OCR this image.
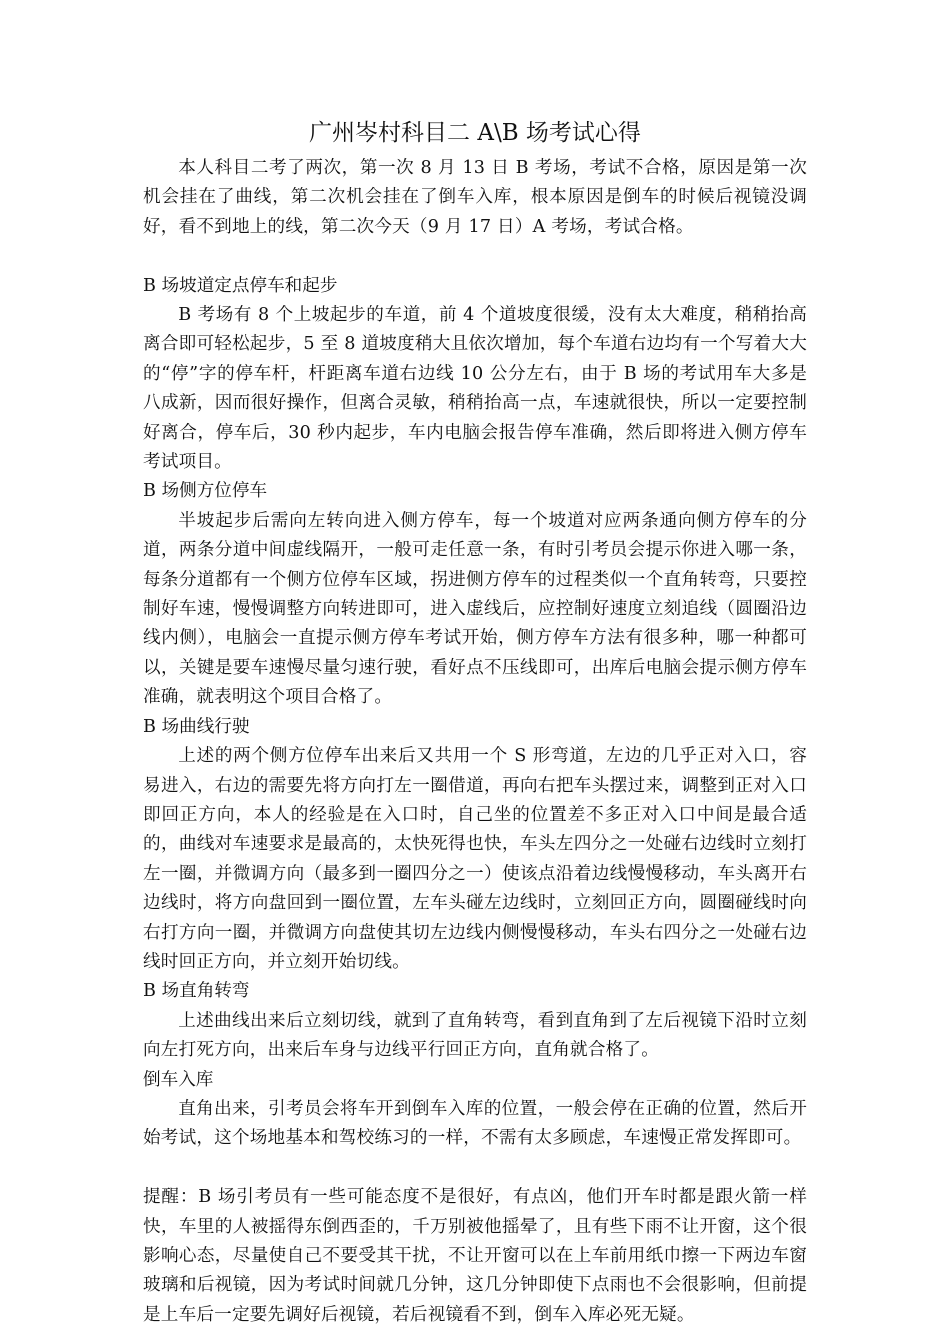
广州岑村科目二 A\B 场考试心得

本人科目二考了两次，第一次 8 月 13 日 B 考场，考试不合格，原因是第一次机会挂在了曲线，第二次机会挂在了倒车入库，根本原因是倒车的时候后视镜没调好，看不到地上的线，第二次今天（9 月 17 日）A 考场，考试合格。

B 场坡道定点停车和起步

B 考场有 8 个上坡起步的车道，前 4 个道坡度很缓，没有太大难度，稍稍抬高离合即可轻松起步，5 至 8 道坡度稍大且依次增加，每个车道右边均有一个写着大大的“停”字的停车杆，杆距离车道右边线 10 公分左右，由于 B 场的考试用车大多是八成新，因而很好操作，但离合灵敏，稍稍抬高一点，车速就很快，所以一定要控制好离合，停车后，30 秒内起步，车内电脑会报告停车准确，然后即将进入侧方停车考试项目。

B 场侧方位停车

半坡起步后需向左转向进入侧方停车，每一个坡道对应两条通向侧方停车的分道，两条分道中间虚线隔开，一般可走任意一条，有时引考员会提示你进入哪一条，每条分道都有一个侧方位停车区域，拐进侧方停车的过程类似一个直角转弯，只要控制好车速，慢慢调整方向转进即可，进入虚线后，应控制好速度立刻追线（圆圈沿边线内侧），电脑会一直提示侧方停车考试开始，侧方停车方法有很多种，哪一种都可以，关键是要车速慢尽量匀速行驶，看好点不压线即可，出库后电脑会提示侧方停车准确，就表明这个项目合格了。

B 场曲线行驶

上述的两个侧方位停车出来后又共用一个 S 形弯道，左边的几乎正对入口，容易进入，右边的需要先将方向打左一圈借道，再向右把车头摆过来，调整到正对入口即回正方向，本人的经验是在入口时，自己坐的位置差不多正对入口中间是最合适的，曲线对车速要求是最高的，太快死得也快，车头左四分之一处碰右边线时立刻打左一圈，并微调方向（最多到一圈四分之一）使该点沿着边线慢慢移动，车头离开右边线时，将方向盘回到一圈位置，左车头碰左边线时，立刻回正方向，圆圈碰线时向右打方向一圈，并微调方向盘使其切左边线内侧慢慢移动，车头右四分之一处碰右边线时回正方向，并立刻开始切线。

B 场直角转弯

上述曲线出来后立刻切线，就到了直角转弯，看到直角到了左后视镜下沿时立刻向左打死方向，出来后车身与边线平行回正方向，直角就合格了。

倒车入库

直角出来，引考员会将车开到倒车入库的位置，一般会停在正确的位置，然后开始考试，这个场地基本和驾校练习的一样，不需有太多顾虑，车速慢正常发挥即可。

提醒：B 场引考员有一些可能态度不是很好，有点凶，他们开车时都是跟火箭一样快，车里的人被摇得东倒西歪的，千万别被他摇晕了，且有些下雨不让开窗，这个很影响心态，尽量使自己不要受其干扰，不让开窗可以在上车前用纸巾擦一下两边车窗玻璃和后视镜，因为考试时间就几分钟，这几分钟即使下点雨也不会很影响，但前提是上车后一定要先调好后视镜，若后视镜看不到，倒车入库必死无疑。
